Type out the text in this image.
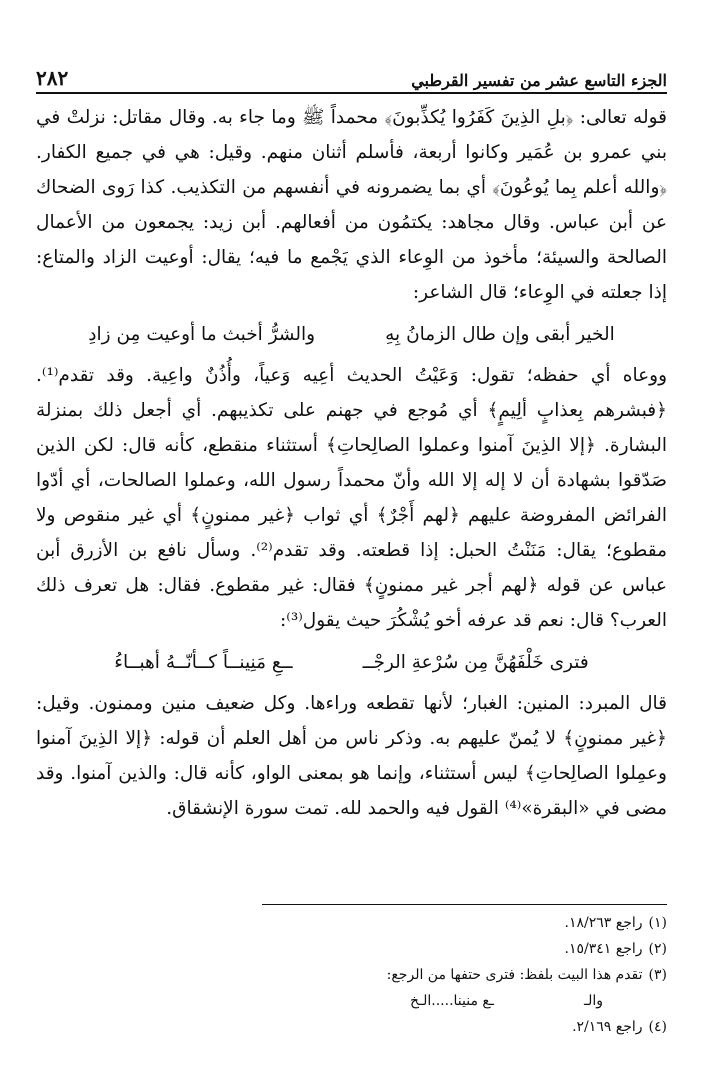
٢٨٢	الجزء التاسع عشر من تفسير القرطبي

قوله تعالى: ﴿بلِ الذِينَ كَفَرُوا يُكذِّبونَ﴾ محمداً ﷺ وما جاء به. وقال مقاتل: نزلتْ في بني عمرو بن عُمَير وكانوا أربعة، فأسلم أثنان منهم. وقيل: هي في جميع الكفار. ﴿والله أعلم بِما يُوعُونَ﴾ أي بما يضمرونه في أنفسهم من التكذيب. كذا رَوى الضحاك عن أبن عباس. وقال مجاهد: يكتمُون من أفعالهم. أبن زيد: يجمعون من الأعمال الصالحة والسيئة؛ مأخوذ من الوِعاء الذي يَجْمع ما فيه؛ يقال: أوعيت الزاد والمتاع: إذا جعلته في الوِعاء؛ قال الشاعر:

الخير أبقى وإن طال الزمانُ بِهِ
والشرُّ أخبث ما أوعيت مِن زادِ

ووعاه أي حفظه؛ تقول: وَعَيْتُ الحديث أعِيه وَعياً، وأُذُنٌ واعِية. وقد تقدم⁽¹⁾. ﴿فبشرهم بِعذابٍ ألِيمٍ﴾ أي مُوجع في جهنم على تكذيبهم. أي أجعل ذلك بمنزلة البشارة. ﴿إلا الذِينَ آمنوا وعملوا الصالِحاتِ﴾ أستثناء منقطع، كأنه قال: لكن الذين صَدّقوا بشهادة أن لا إله إلا الله وأنّ محمداً رسول الله، وعملوا الصالحات، أي أدّوا الفرائض المفروضة عليهم ﴿لهم أَجْرٌ﴾ أي ثواب ﴿غير ممنونٍ﴾ أي غير منقوص ولا مقطوع؛ يقال: مَنَنْتُ الحبل: إذا قطعته. وقد تقدم⁽²⁾. وسأل نافع بن الأزرق أبن عباس عن قوله ﴿لهم أجر غير ممنونٍ﴾ فقال: غير مقطوع. فقال: هل تعرف ذلك العرب؟ قال: نعم قد عرفه أخو يُشْكُرَ حيث يقول⁽³⁾:

فترى خَلْفَهُنَّ مِن سُرْعةِ الرجْــ
ــعِ مَنِينــاً كــأنّــهُ أهبــاءُ

قال المبرد: المنين: الغبار؛ لأنها تقطعه وراءها. وكل ضعيف منين وممنون. وقيل: ﴿غير ممنونٍ﴾ لا يُمنّ عليهم به. وذكر ناس من أهل العلم أن قوله: ﴿إلا الذِينَ آمنوا وعمِلوا الصالِحاتِ﴾ ليس أستثناء، وإنما هو بمعنى الواو، كأنه قال: والذين آمنوا. وقد مضى في «البقرة»⁽⁴⁾ القول فيه والحمد لله. تمت سورة الإنشقاق.

(١)
راجع ١٨/٢٦٣.
(٢)
راجع ١٥/٣٤١.
(٣)
تقدم هذا البيت بلفظ: فترى حتفها من الرجع:
والـ
ـع منينا.....الـخ
(٤)
راجع ٢/١٦٩.
